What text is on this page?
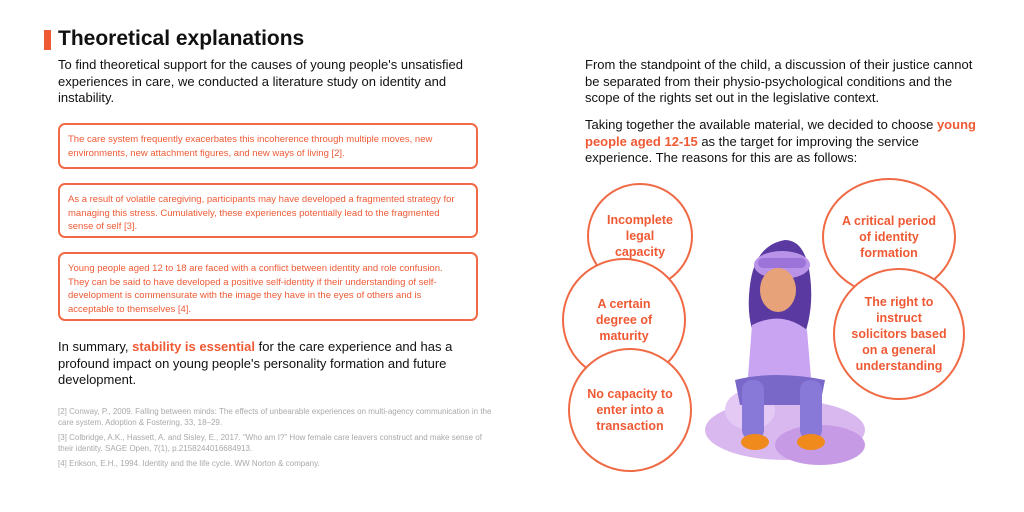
Theoretical explanations
To find theoretical support for the causes of young people's unsatisfied experiences in care, we conducted a literature study on identity and instability.
The care system frequently exacerbates this incoherence through multiple moves, new environments, new attachment figures, and new ways of living [2].
As a result of volatile caregiving, participants may have developed a fragmented strategy for managing this stress. Cumulatively, these experiences potentially lead to the fragmented sense of self [3].
Young people aged 12 to 18 are faced with a conflict between identity and role confusion. They can be said to have developed a positive self-identity if their understanding of self-development is commensurate with the image they have in the eyes of others and is acceptable to themselves [4].
In summary, stability is essential for the care experience and has a profound impact on young people's personality formation and future development.

[2] Conway, P., 2009. Falling between minds: The effects of unbearable experiences on multi-agency communication in the care system. Adoption & Fostering, 33, 18–29.

[3] Colbridge, A.K., Hassett, A. and Sisley, E., 2017. "Who am I?" How female care leavers construct and make sense of their identity. SAGE Open, 7(1), p.2158244016684913.

[4] Erikson, E.H., 1994. Identity and the life cycle. WW Norton & company.

From the standpoint of the child, a discussion of their justice cannot be separated from their physio-psychological conditions and the scope of the rights set out in the legislative context.
Taking together the available material, we decided to choose young people aged 12-15 as the target for improving the service experience. The reasons for this are as follows:
Incomplete legal capacity
A certain degree of maturity
No capacity to enter into a transaction
A critical period of identity formation
The right to instruct solicitors based on a general understanding
